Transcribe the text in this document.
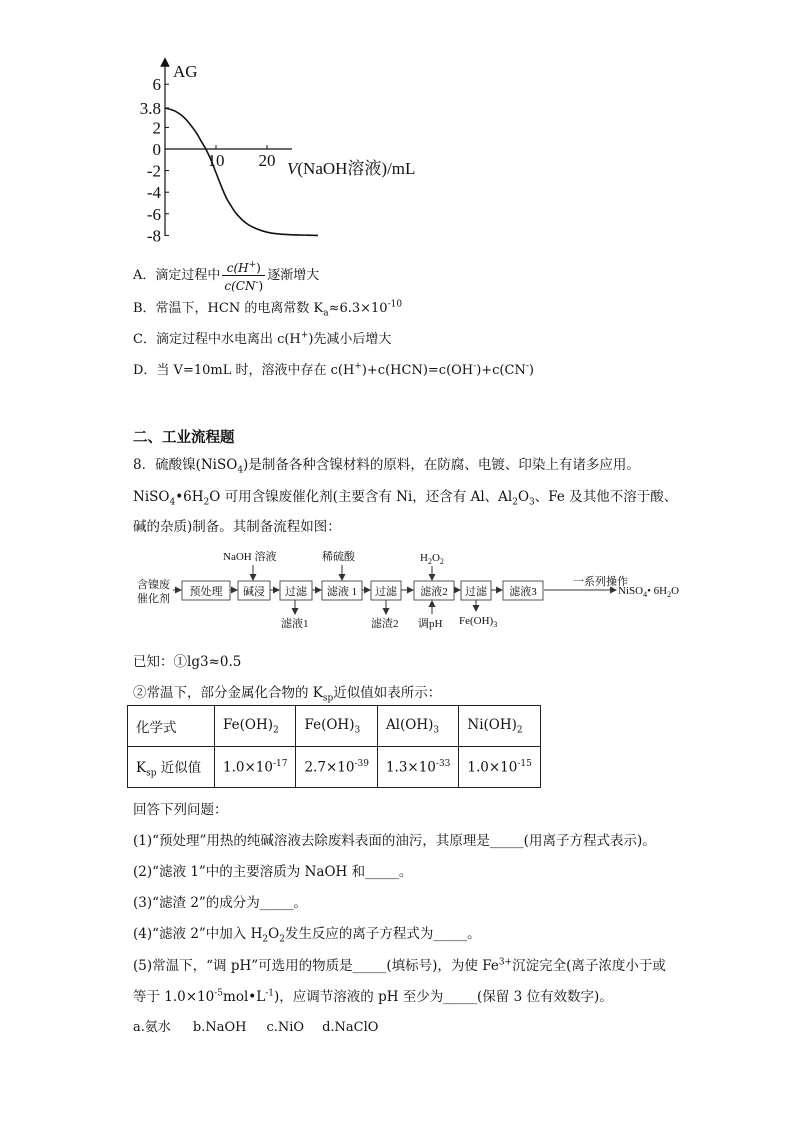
AG
6
3.8
2
0
-2
-4
-6
-8
10 20 V(NaOH溶液)/mL
A．滴定过程中 $\frac{c(H^+)}{c(CN^-)}$ 逐渐增大
B．常温下，HCN 的电离常数 $K_a\approx 6.3\times 10^{-10}$
C．滴定过程中水电离出 c(H+)先减小后增大
D．当 V=10mL 时，溶液中存在 c(H+)+c(HCN)=c(OH-)+c(CN-)
二、工业流程题
8．硫酸镍(NiSO$_4$)是制备各种含镍材料的原料，在防腐、电镀、印染上有诸多应用。
$NiSO_4•6H_2O$ 可用含镍废催化剂(主要含有 Ni，还含有 Al、$Al_2O_3$、Fe 及其他不溶于酸、
碱的杂质)制备。其制备流程如图：
含镍废
催化剂
预处理 碱浸 过滤 滤液 1 过滤 滤液2 过滤 滤液3
NaOH 溶液	稀硫酸	$H_2O_2$
滤液1	滤渣2 调pH $Fe(OH)_3$
一系列操作
NiSO$_4$• $6H_2O$
已知：①lg3≈0.5
②常温下，部分金属化合物的 $K_{sp}$近似值如表所示：
化学式	$Fe(OH)_2$	$Fe(OH)_3$	$Al(OH)_3$	$Ni(OH)_2$
$K_{sp}$ 近似值	$1.0\times 10^{-17}$	$2.7\times 10^{-39}$	$1.3\times 10^{-33}$	$1.0\times 10^{-15}$
回答下列问题：
(1)“预处理”用热的纯碱溶液去除废料表面的油污，其原理是_____(用离子方程式表示)。
(2)“滤液 1”中的主要溶质为 NaOH 和_____。
(3)“滤渣 2”的成分为_____。
(4)“滤液 2”中加入 $H_2O_2$发生反应的离子方程式为_____。
(5)常温下，“调 pH”可选用的物质是_____(填标号)，为使 $Fe^{3+}$沉淀完全(离子浓度小于或
等于 $1.0\times 10^{-5}mol•L^{-1}$)，应调节溶液的 pH 至少为_____(保留 3 位有效数字)。
a.氨水 b.NaOH c.NiO d.NaClO
